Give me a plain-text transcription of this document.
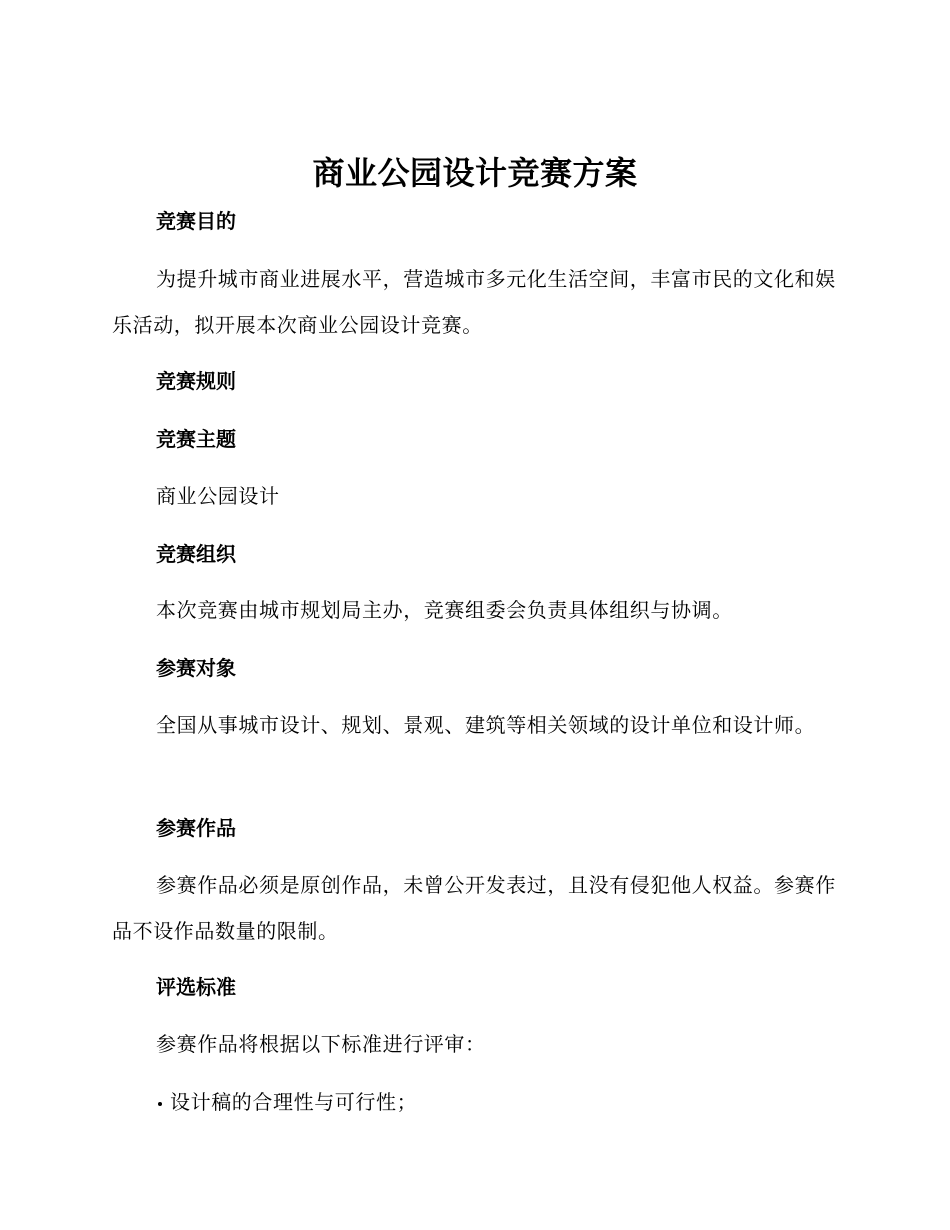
商业公园设计竞赛方案
竞赛目的
为提升城市商业进展水平，营造城市多元化生活空间，丰富市民的文化和娱乐活动，拟开展本次商业公园设计竞赛。
竞赛规则
竞赛主题
商业公园设计
竞赛组织
本次竞赛由城市规划局主办，竞赛组委会负责具体组织与协调。
参赛对象
全国从事城市设计、规划、景观、建筑等相关领域的设计单位和设计师。
参赛作品
参赛作品必须是原创作品，未曾公开发表过，且没有侵犯他人权益。参赛作品不设作品数量的限制。
评选标准
参赛作品将根据以下标准进行评审：
设计稿的合理性与可行性；
